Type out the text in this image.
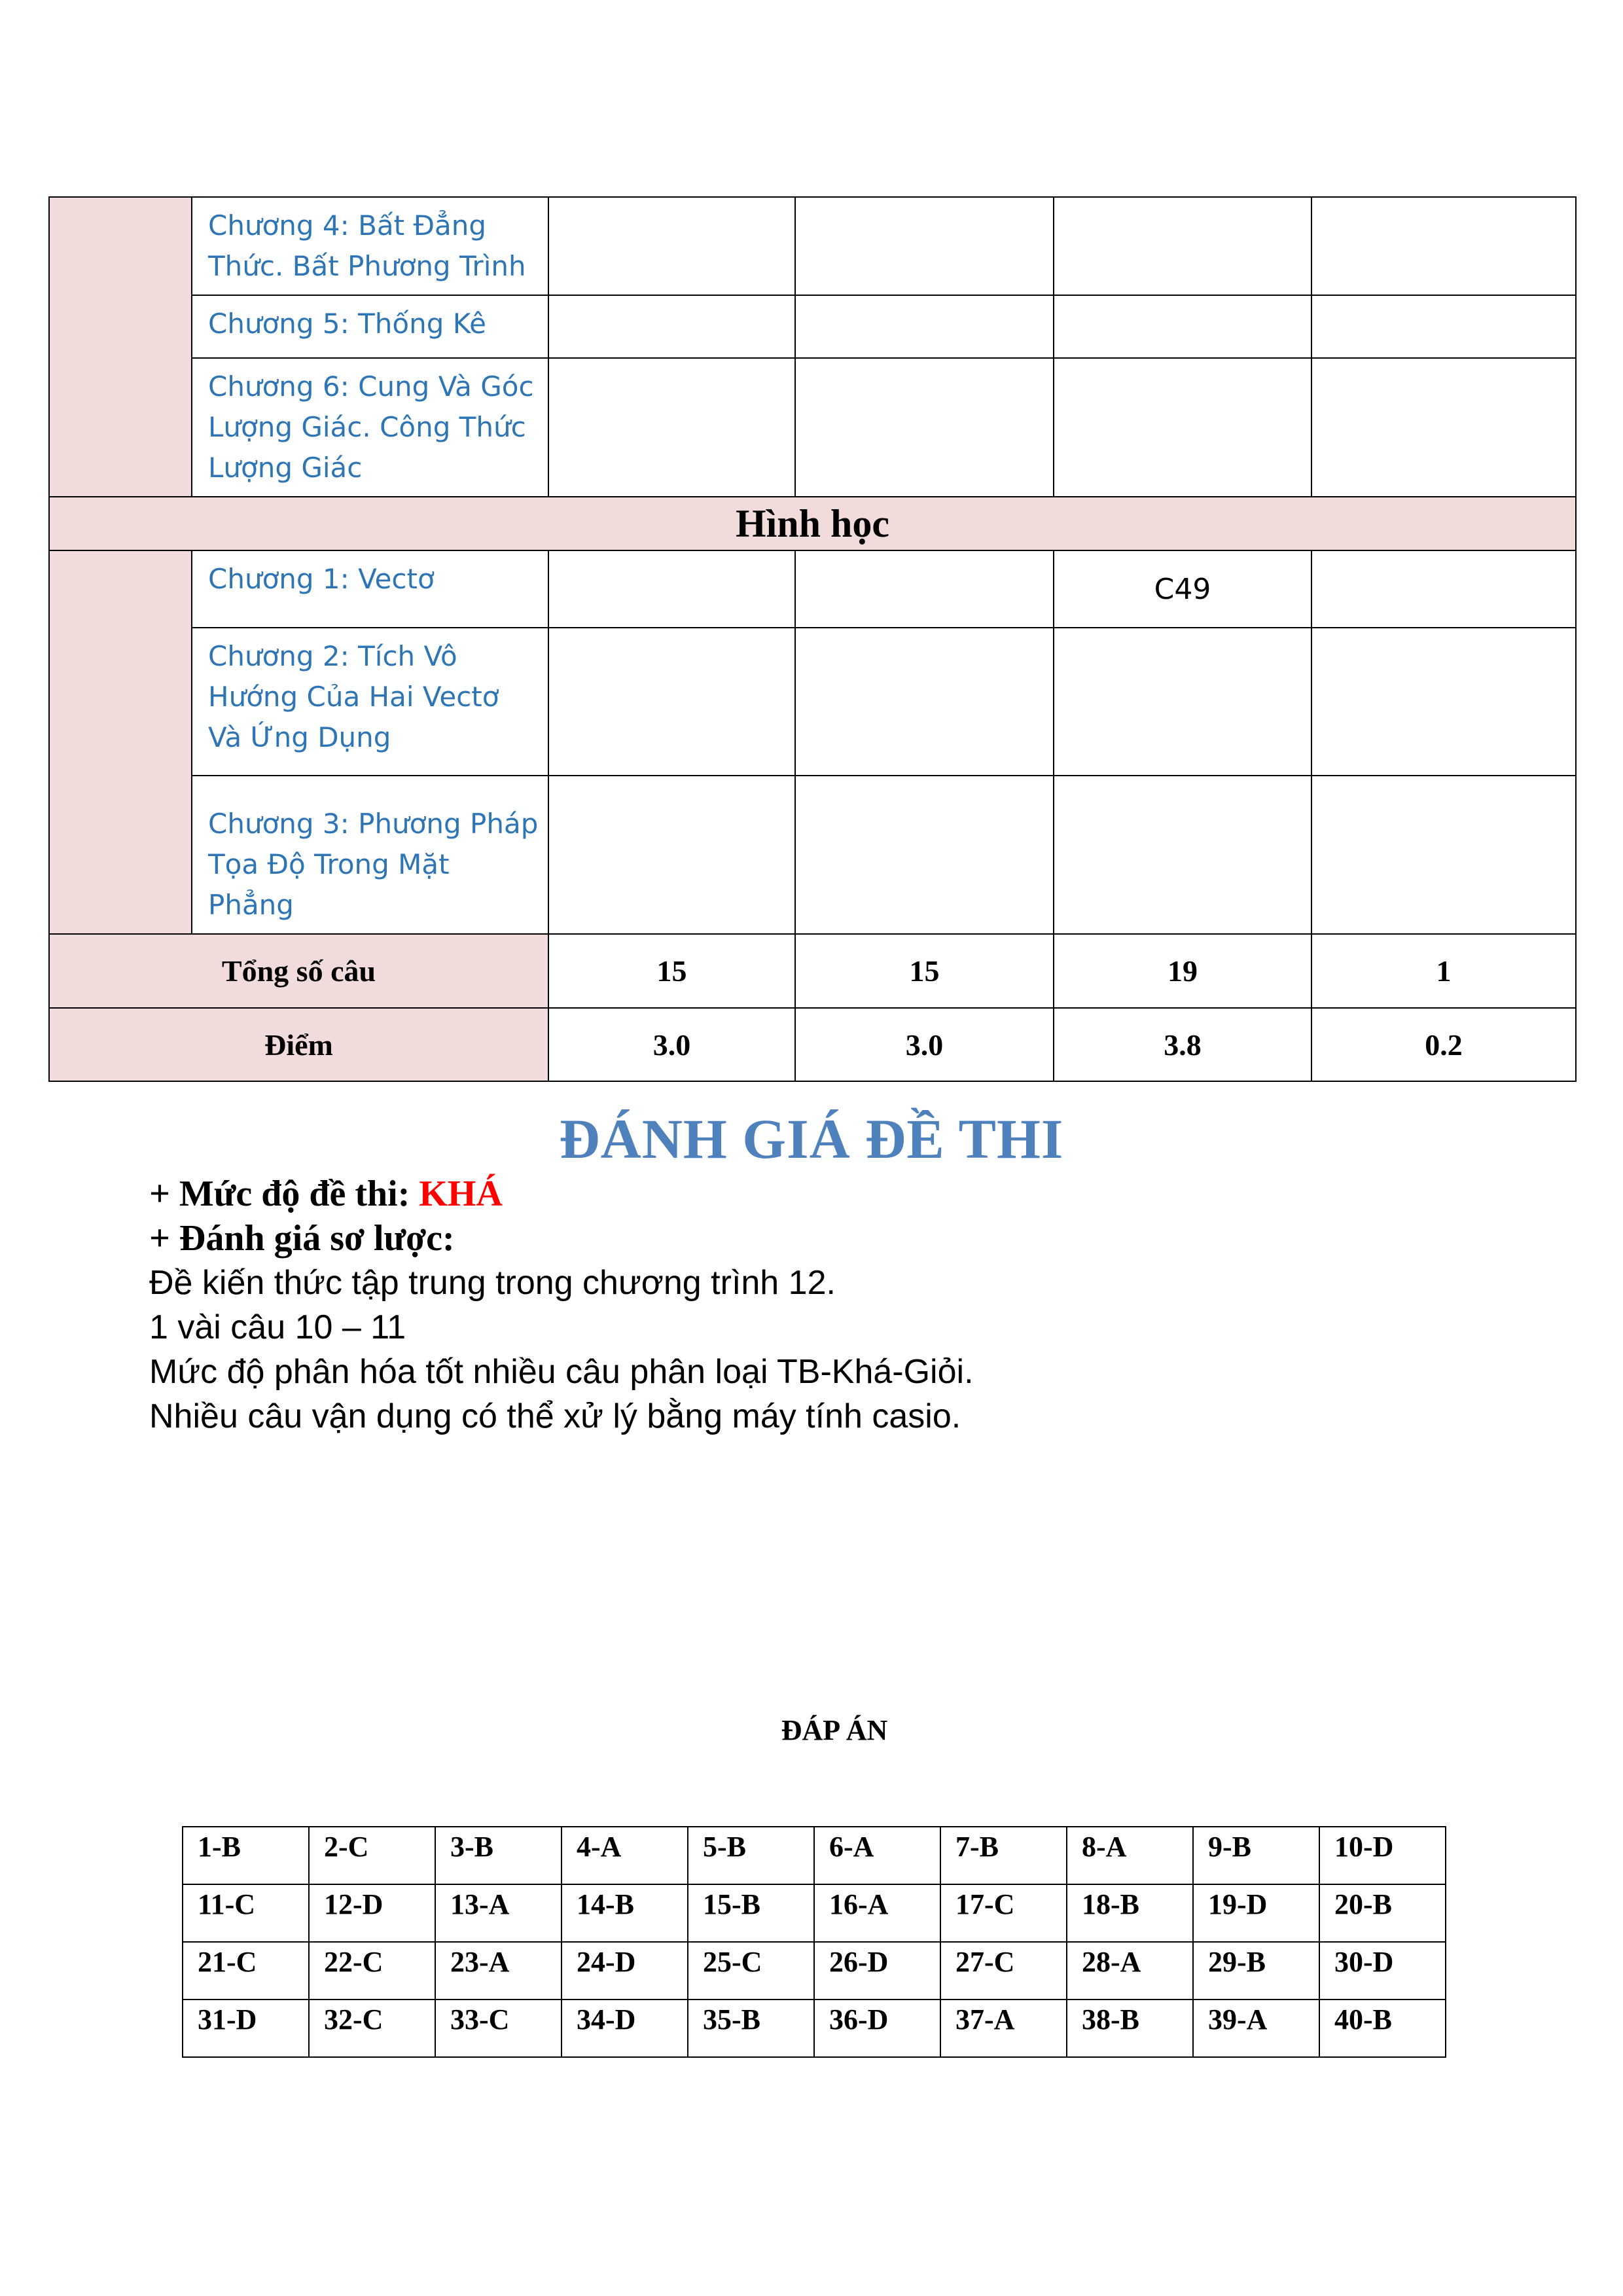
	Chương 4: Bất Đẳng Thức. Bất Phương Trình				
	Chương 5: Thống Kê				
	Chương 6: Cung Và Góc Lượng Giác. Công Thức Lượng Giác				
Hình học					
	Chương 1: Vectơ			C49	
	Chương 2: Tích Vô Hướng Của Hai Vectơ Và Ứng Dụng				
	Chương 3: Phương Pháp Tọa Độ Trong Mặt Phẳng				
Tổng số câu		15	15	19	1
Điểm		3.0	3.0	3.8	0.2
ĐÁNH GIÁ ĐỀ THI
+ Mức độ đề thi: KHÁ
+ Đánh giá sơ lược:
Đề kiến thức tập trung trong chương trình 12.
1 vài câu 10 – 11
Mức độ phân hóa tốt nhiều câu phân loại TB-Khá-Giỏi.
Nhiều câu vận dụng có thể xử lý bằng máy tính casio.
ĐÁP ÁN
1-B	2-C	3-B	4-A	5-B	6-A	7-B	8-A	9-B	10-D
11-C	12-D	13-A	14-B	15-B	16-A	17-C	18-B	19-D	20-B
21-C	22-C	23-A	24-D	25-C	26-D	27-C	28-A	29-B	30-D
31-D	32-C	33-C	34-D	35-B	36-D	37-A	38-B	39-A	40-B
